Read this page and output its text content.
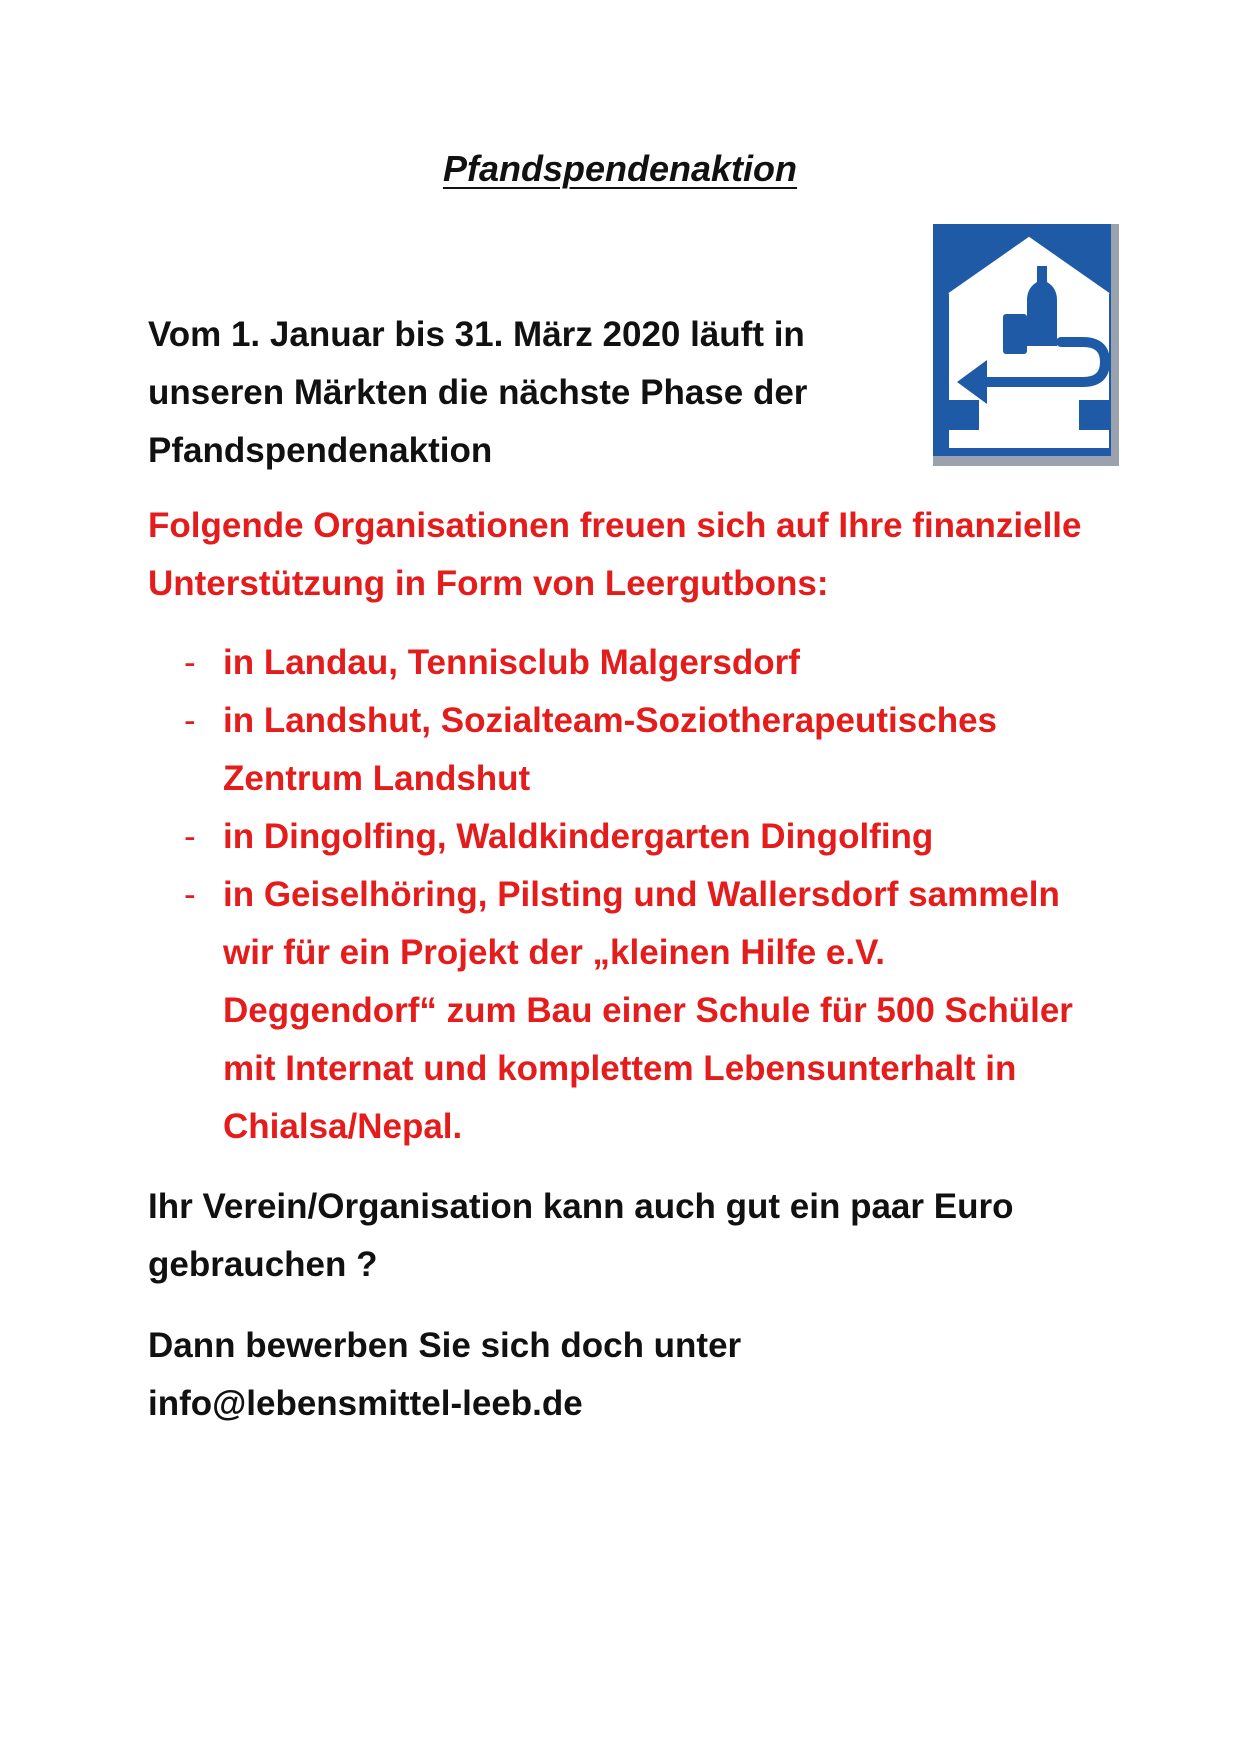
Pfandspendenaktion

Vom 1. Januar bis 31. März 2020 läuft in unseren Märkten die nächste Phase der Pfandspendenaktion

Folgende Organisationen freuen sich auf Ihre finanzielle Unterstützung in Form von Leergutbons:

- in Landau, Tennisclub Malgersdorf
- in Landshut, Sozialteam-Soziotherapeutisches Zentrum Landshut
- in Dingolfing, Waldkindergarten Dingolfing
- in Geiselhöring, Pilsting und Wallersdorf sammeln wir für ein Projekt der „kleinen Hilfe e.V. Deggendorf“ zum Bau einer Schule für 500 Schüler mit Internat und komplettem Lebensunterhalt in Chialsa/Nepal.

Ihr Verein/Organisation kann auch gut ein paar Euro gebrauchen ?

Dann bewerben Sie sich doch unter
info@lebensmittel-leeb.de
